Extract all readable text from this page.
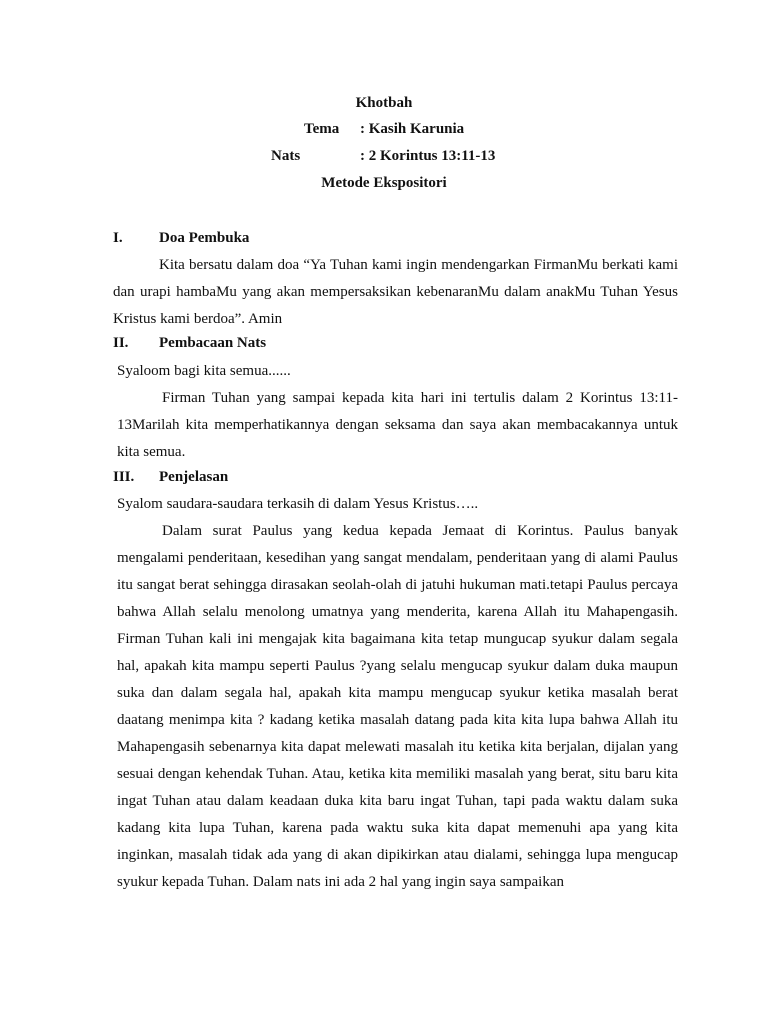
Khotbah
Tema : Kasih Karunia
Nats	: 2 Korintus 13:11-13
Metode Ekspositori
I. Doa Pembuka
Kita bersatu dalam doa “Ya Tuhan kami ingin mendengarkan FirmanMu berkati kami
dan urapi hambaMu yang akan mempersaksikan kebenaranMu dalam anakMu Tuhan Yesus
Kristus kami berdoa”. Amin
II. Pembacaan Nats
Syaloom bagi kita semua......
Firman Tuhan yang sampai kepada kita hari ini tertulis dalam 2 Korintus 13:11-
13Marilah kita memperhatikannya dengan seksama dan saya akan membacakannya untuk
kita semua.
III. Penjelasan
Syalom saudara-saudara terkasih di dalam Yesus Kristus…..
Dalam surat Paulus yang kedua kepada Jemaat di Korintus. Paulus banyak
mengalami penderitaan, kesedihan yang sangat mendalam, penderitaan yang di alami Paulus
itu sangat berat sehingga dirasakan seolah-olah di jatuhi hukuman mati.tetapi Paulus percaya
bahwa Allah selalu menolong umatnya yang menderita, karena Allah itu Mahapengasih.
Firman Tuhan kali ini mengajak kita bagaimana kita tetap mungucap syukur dalam segala
hal, apakah kita mampu seperti Paulus ?yang selalu mengucap syukur dalam duka maupun
suka dan dalam segala hal, apakah kita mampu mengucap syukur ketika masalah berat
daatang menimpa kita ? kadang ketika masalah datang pada kita kita lupa bahwa Allah itu
Mahapengasih sebenarnya kita dapat melewati masalah itu ketika kita berjalan, dijalan yang
sesuai dengan kehendak Tuhan. Atau, ketika kita memiliki masalah yang berat, situ baru kita
ingat Tuhan atau dalam keadaan duka kita baru ingat Tuhan, tapi pada waktu dalam suka
kadang kita lupa Tuhan, karena pada waktu suka kita dapat memenuhi apa yang kita
inginkan, masalah tidak ada yang di akan dipikirkan atau dialami, sehingga lupa mengucap
syukur kepada Tuhan. Dalam nats ini ada 2 hal yang ingin saya sampaikan
